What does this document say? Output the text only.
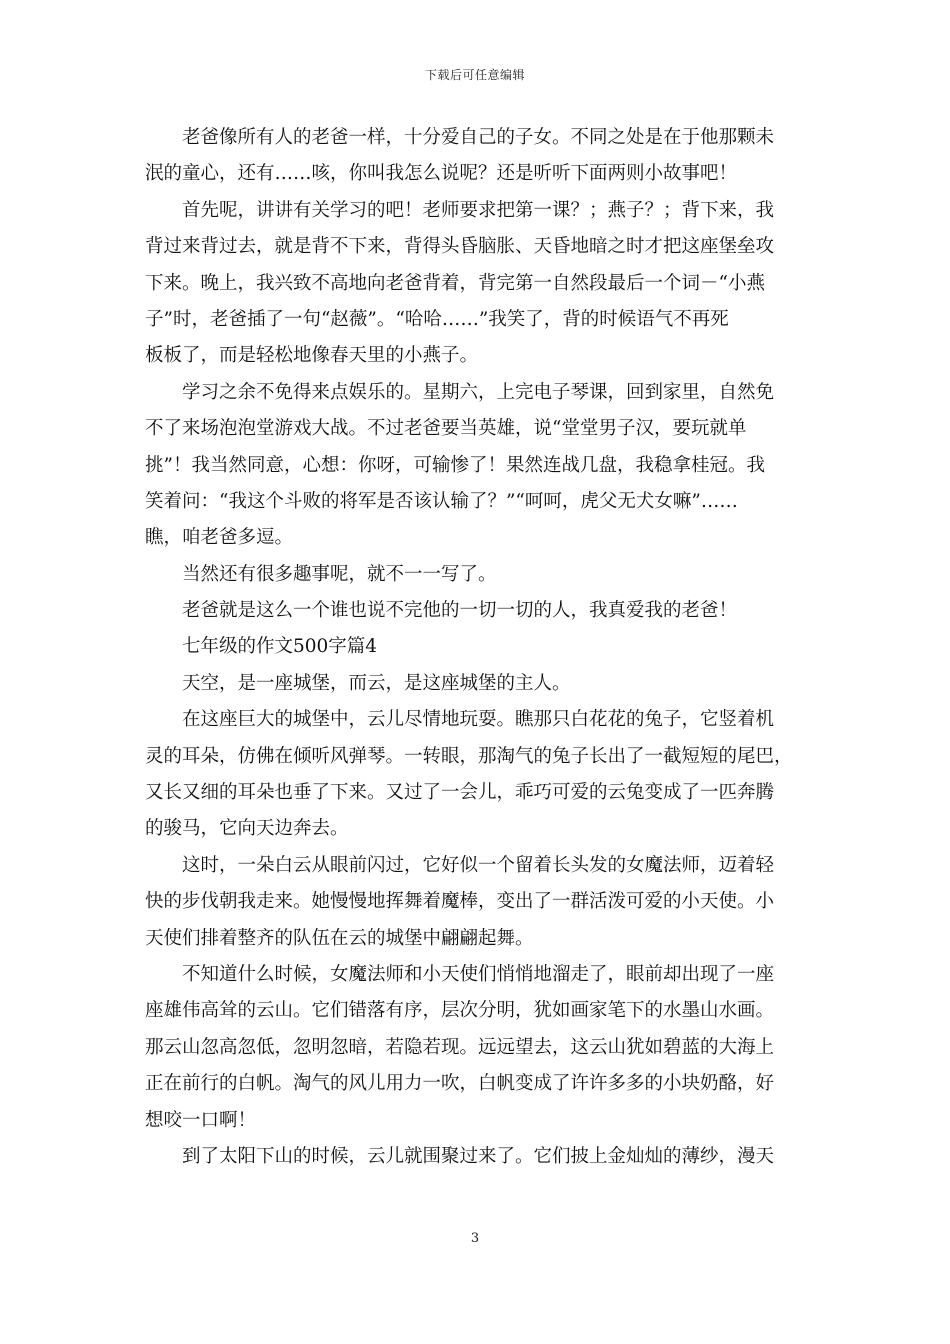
下载后可任意编辑
老爸像所有人的老爸一样，十分爱自己的子女。不同之处是在于他那颗未
泯的童心，还有……咳，你叫我怎么说呢？还是听听下面两则小故事吧！
首先呢，讲讲有关学习的吧！老师要求把第一课？；燕子？；背下来，我
背过来背过去，就是背不下来，背得头昏脑胀、天昏地暗之时才把这座堡垒攻
下来。晚上，我兴致不高地向老爸背着，背完第一自然段最后一个词－“小燕
子”时，老爸插了一句“赵薇”。“哈哈……”我笑了，背的时候语气不再死
板板了，而是轻松地像春天里的小燕子。
学习之余不免得来点娱乐的。星期六，上完电子琴课，回到家里，自然免
不了来场泡泡堂游戏大战。不过老爸要当英雄，说“堂堂男子汉，要玩就单
挑”！我当然同意，心想：你呀，可输惨了！果然连战几盘，我稳拿桂冠。我
笑着问：“我这个斗败的将军是否该认输了？”“呵呵，虎父无犬女嘛”……
瞧，咱老爸多逗。
当然还有很多趣事呢，就不一一写了。
老爸就是这么一个谁也说不完他的一切一切的人，我真爱我的老爸！
七年级的作文500字篇4
天空，是一座城堡，而云，是这座城堡的主人。
在这座巨大的城堡中，云儿尽情地玩耍。瞧那只白花花的兔子，它竖着机
灵的耳朵，仿佛在倾听风弹琴。一转眼，那淘气的兔子长出了一截短短的尾巴，
又长又细的耳朵也垂了下来。又过了一会儿，乖巧可爱的云兔变成了一匹奔腾
的骏马，它向天边奔去。
这时，一朵白云从眼前闪过，它好似一个留着长头发的女魔法师，迈着轻
快的步伐朝我走来。她慢慢地挥舞着魔棒，变出了一群活泼可爱的小天使。小
天使们排着整齐的队伍在云的城堡中翩翩起舞。
不知道什么时候，女魔法师和小天使们悄悄地溜走了，眼前却出现了一座
座雄伟高耸的云山。它们错落有序，层次分明，犹如画家笔下的水墨山水画。
那云山忽高忽低，忽明忽暗，若隐若现。远远望去，这云山犹如碧蓝的大海上
正在前行的白帆。淘气的风儿用力一吹，白帆变成了许许多多的小块奶酪，好
想咬一口啊！
到了太阳下山的时候，云儿就围聚过来了。它们披上金灿灿的薄纱，漫天
3
